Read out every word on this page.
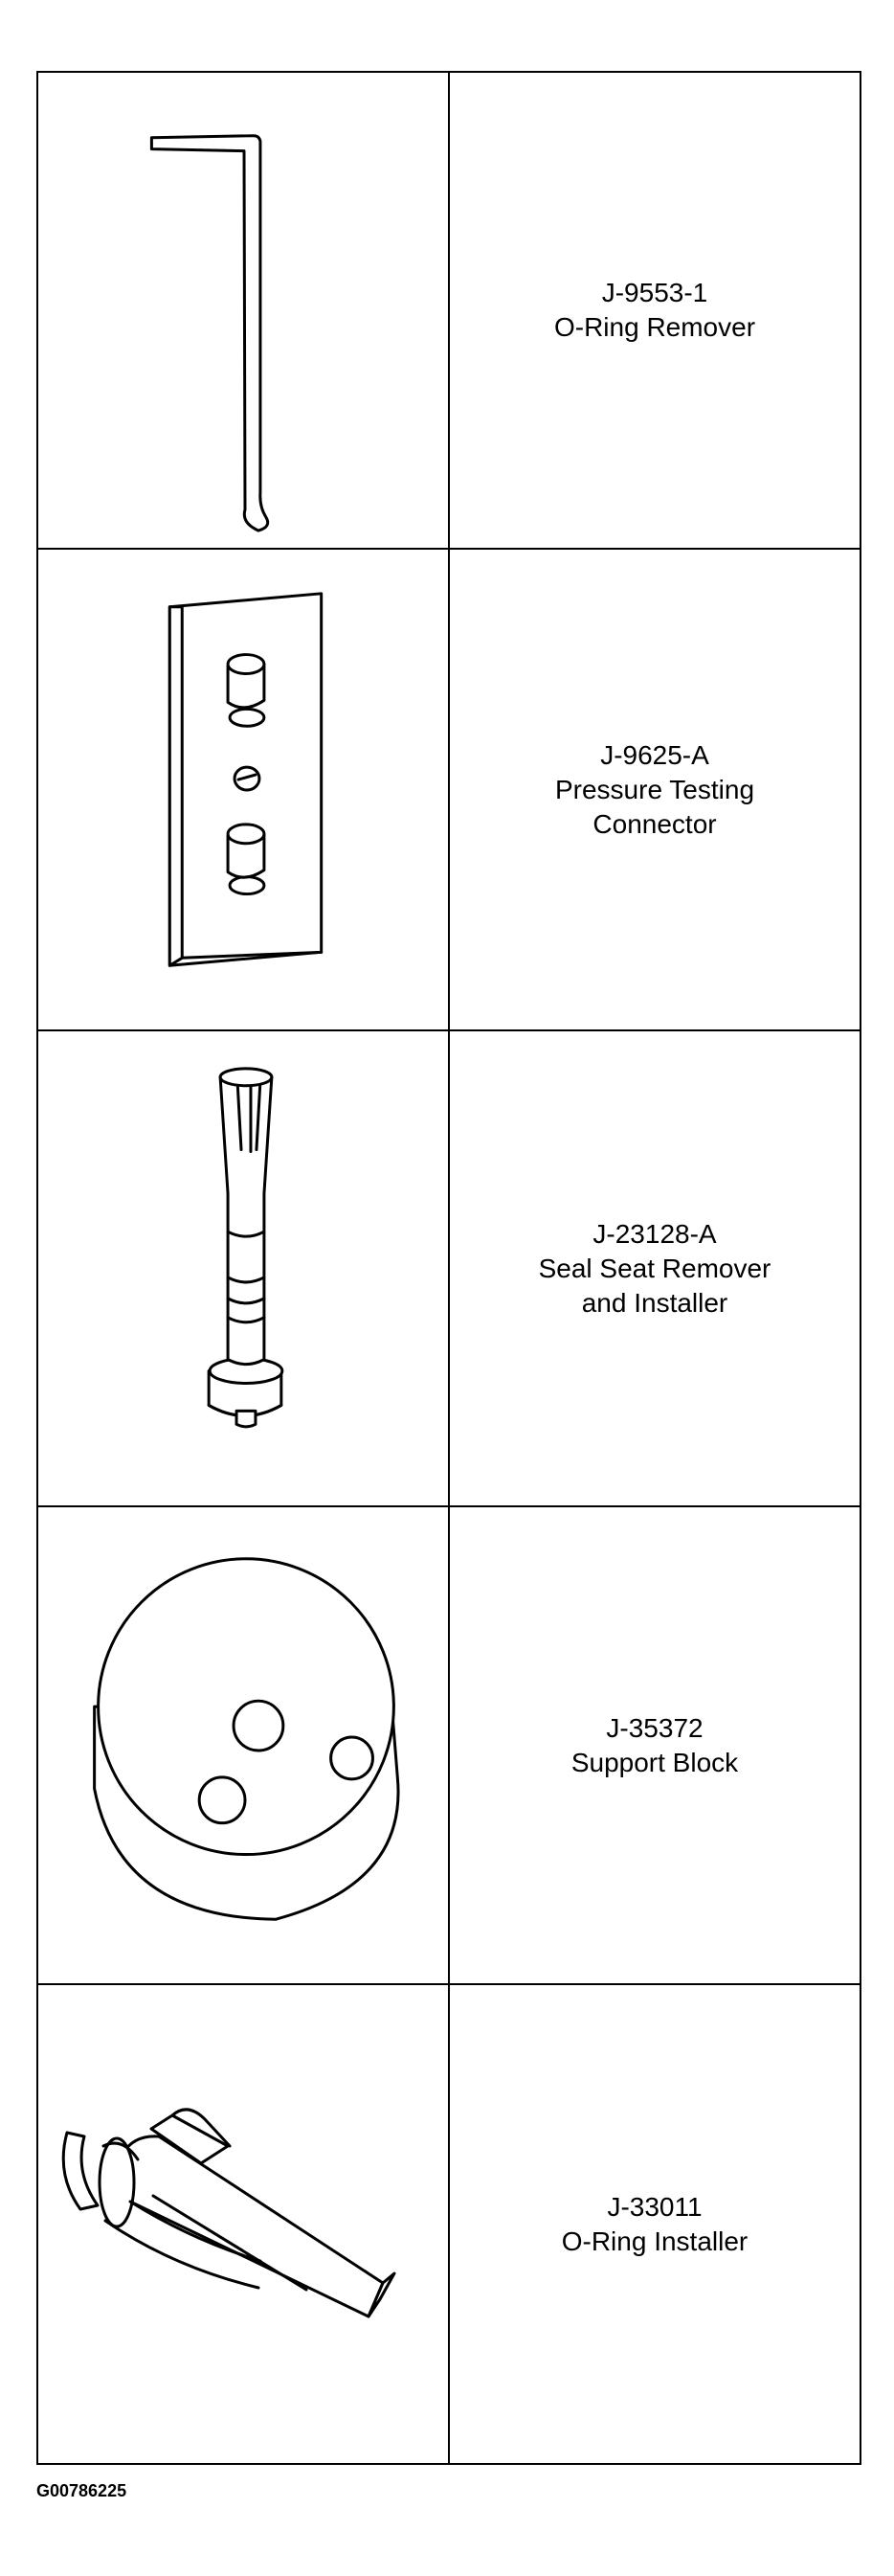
J-9553-1
O-Ring Remover
J-9625-A
Pressure Testing
Connector
J-23128-A
Seal Seat Remover
and Installer
J-35372
Support Block
J-33011
O-Ring Installer
G00786225
